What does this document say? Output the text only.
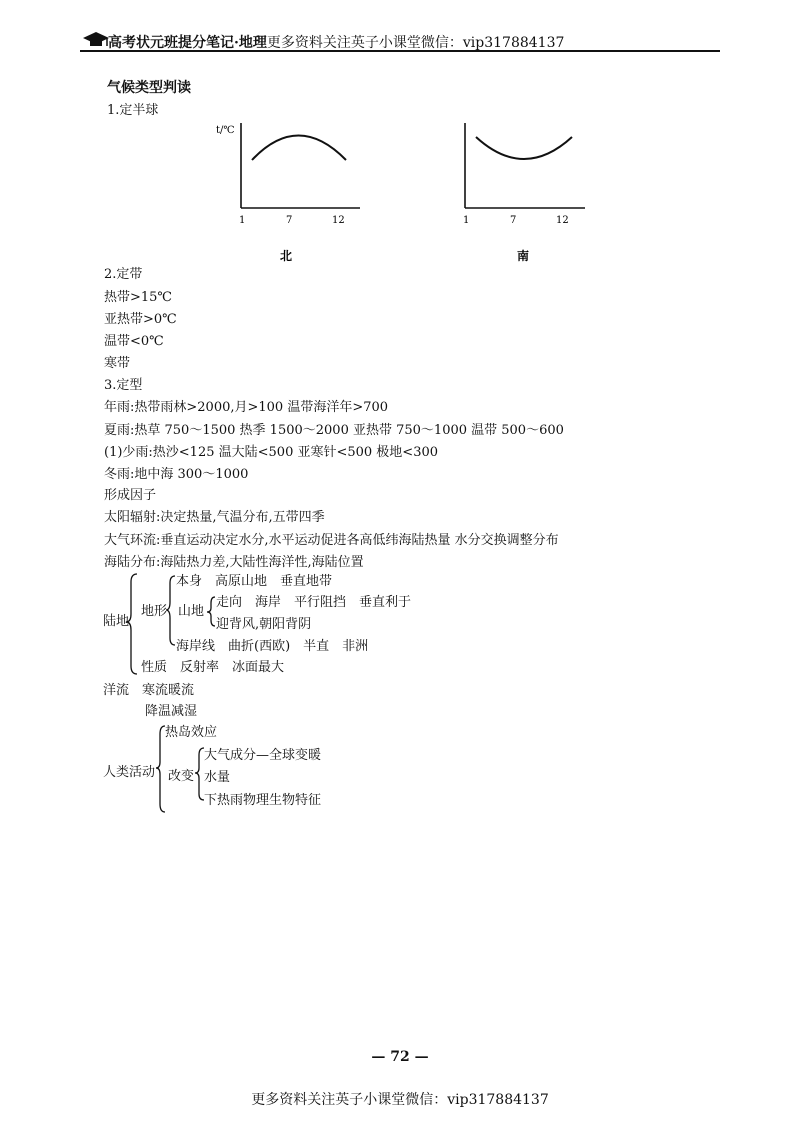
高考状元班提分笔记·地理更多资料关注英子小课堂微信：vip317884137
气候类型判读
1.定半球
t/℃
1	7	12
北
1	7	12
南
2.定带
热带>15℃
亚热带>0℃
温带<0℃
寒带
3.定型
年雨:热带雨林>2000,月>100 温带海洋年>700
夏雨:热草 750～1500 热季 1500～2000 亚热带 750～1000 温带 500～600
(1)少雨:热沙<125 温大陆<500 亚寒针<500 极地<300
冬雨:地中海 300～1000
形成因子
太阳辐射:决定热量,气温分布,五带四季
大气环流:垂直运动决定水分,水平运动促进各高低纬海陆热量 水分交换调整分布
海陆分布:海陆热力差,大陆性海洋性,海陆位置
陆地
地形
本身　高原山地　垂直地带
山地
走向　海岸　平行阻挡　垂直利于
迎背风,朝阳背阴
海岸线　曲折(西欧)　半直　非洲
性质　反射率　冰面最大
洋流　寒流暖流
降温减湿
人类活动
热岛效应
改变
大气成分—全球变暖
水量
下热雨物理生物特征
— 72 —
更多资料关注英子小课堂微信：vip317884137
